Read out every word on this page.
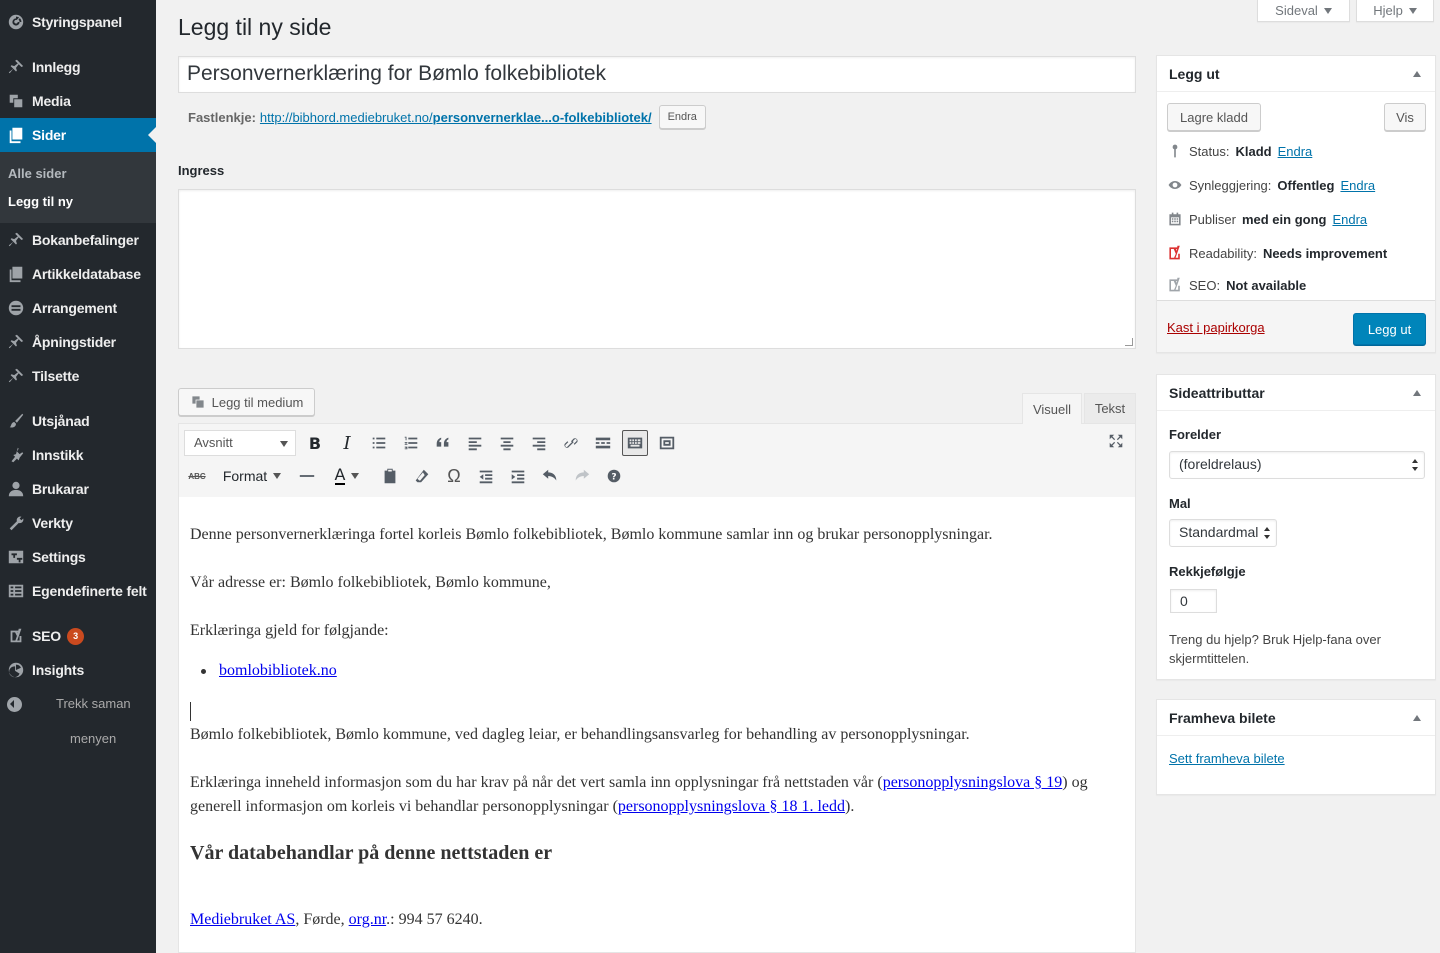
Styringspanel
Innlegg
Media
Sider
Alle sider
Legg til ny
Bokanbefalinger
Artikkeldatabase
Arrangement
Åpningstider
Tilsette
Utsjånad
Innstikk
Brukarar
Verkty
Settings
Egendefinerte felt
SEO	3
Insights
Trekk saman
menyen
Sideval	Hjelp
Legg til ny side
Personvernerklæring for Bømlo folkebibliotek
Fastlenkje: http://bibhord.mediebruket.no/personvernerklae...o-folkebibliotek/	Endra
Ingress
Legg til medium	Visuell	Tekst
Avsnitt	B	I
ABC	Format	A	Ω	?

Denne personvernerklæringa fortel korleis Bømlo folkebibliotek, Bømlo kommune samlar inn og brukar personopplysningar.

Vår adresse er: Bømlo folkebibliotek, Bømlo kommune,

Erklæringa gjeld for følgjande:

bomlobibliotek.no

Bømlo folkebibliotek, Bømlo kommune, ved dagleg leiar, er behandlingsansvarleg for behandling av personopplysningar.

Erklæringa inneheld informasjon som du har krav på når det vert samla inn opplysningar frå nettstaden vår (personopplysningslova § 19) og generell informasjon om korleis vi behandlar personopplysningar (personopplysningslova § 18 1. ledd).

Vår databehandlar på denne nettstaden er

Mediebruket AS, Førde, org.nr.: 994 57 6240.

Legg ut
Lagre kladd	Vis
Status: Kladd Endra
Synleggjering: Offentleg Endra
Publiser med ein gong Endra
Readability: Needs improvement
SEO: Not available
Kast i papirkorga	Legg ut
Sideattributtar
Forelder
(foreldrelaus)
Mal
Standardmal
Rekkjefølgje
0
Treng du hjelp? Bruk Hjelp-fana over
skjermtittelen.
Framheva bilete
Sett framheva bilete
